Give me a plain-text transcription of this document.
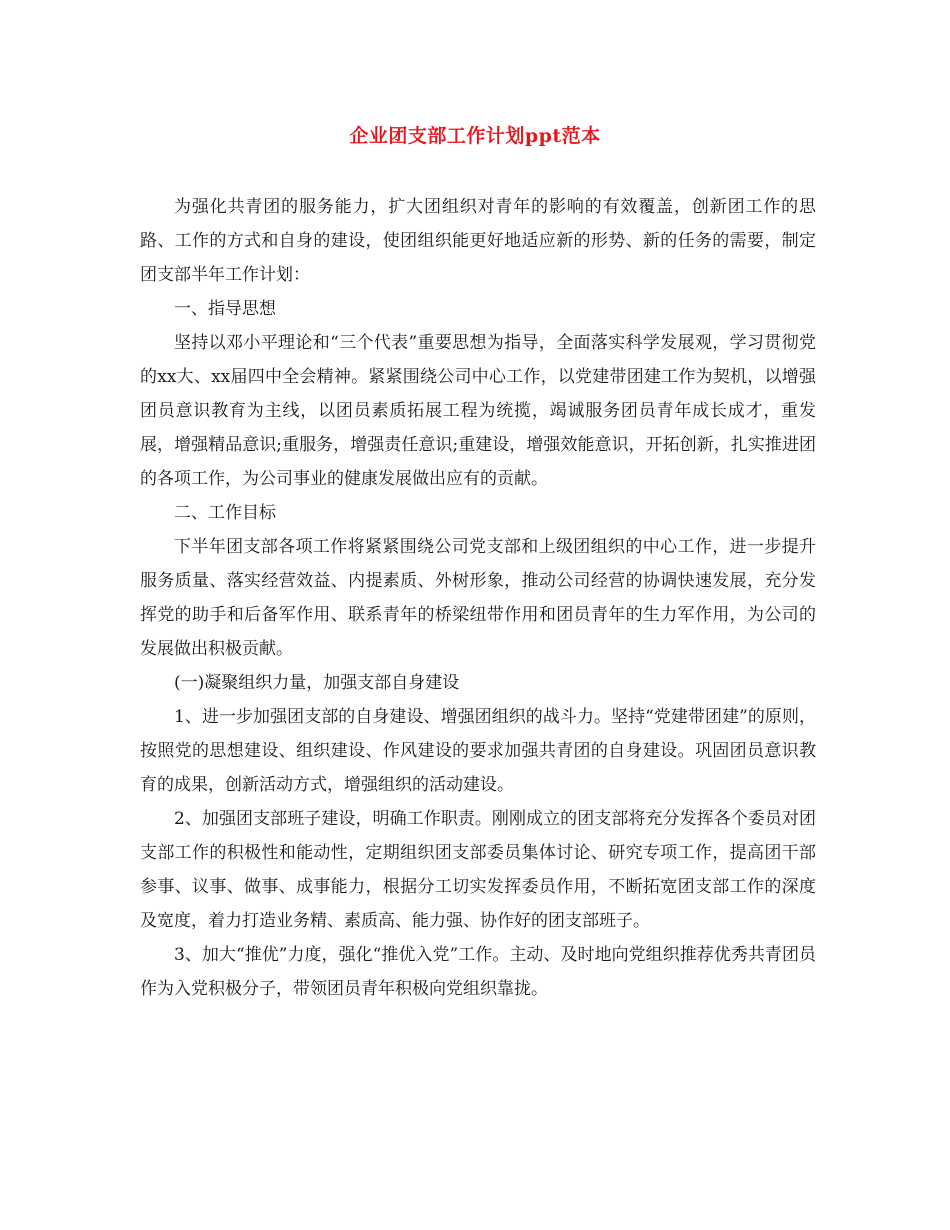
企业团支部工作计划ppt范本

为强化共青团的服务能力，扩大团组织对青年的影响的有效覆盖，创新团工作的思路、工作的方式和自身的建设，使团组织能更好地适应新的形势、新的任务的需要，制定团支部半年工作计划：

一、指导思想

坚持以邓小平理论和“三个代表”重要思想为指导，全面落实科学发展观，学习贯彻党的xx大、xx届四中全会精神。紧紧围绕公司中心工作，以党建带团建工作为契机，以增强团员意识教育为主线，以团员素质拓展工程为统揽，竭诚服务团员青年成长成才，重发展，增强精品意识;重服务，增强责任意识;重建设，增强效能意识，开拓创新，扎实推进团的各项工作，为公司事业的健康发展做出应有的贡献。

二、工作目标

下半年团支部各项工作将紧紧围绕公司党支部和上级团组织的中心工作，进一步提升服务质量、落实经营效益、内提素质、外树形象，推动公司经营的协调快速发展，充分发挥党的助手和后备军作用、联系青年的桥梁纽带作用和团员青年的生力军作用，为公司的发展做出积极贡献。

(一)凝聚组织力量，加强支部自身建设

1、进一步加强团支部的自身建设、增强团组织的战斗力。坚持“党建带团建”的原则，按照党的思想建设、组织建设、作风建设的要求加强共青团的自身建设。巩固团员意识教育的成果，创新活动方式，增强组织的活动建设。

2、加强团支部班子建设，明确工作职责。刚刚成立的团支部将充分发挥各个委员对团支部工作的积极性和能动性，定期组织团支部委员集体讨论、研究专项工作，提高团干部参事、议事、做事、成事能力，根据分工切实发挥委员作用，不断拓宽团支部工作的深度及宽度，着力打造业务精、素质高、能力强、协作好的团支部班子。

3、加大“推优”力度，强化“推优入党”工作。主动、及时地向党组织推荐优秀共青团员作为入党积极分子，带领团员青年积极向党组织靠拢。
